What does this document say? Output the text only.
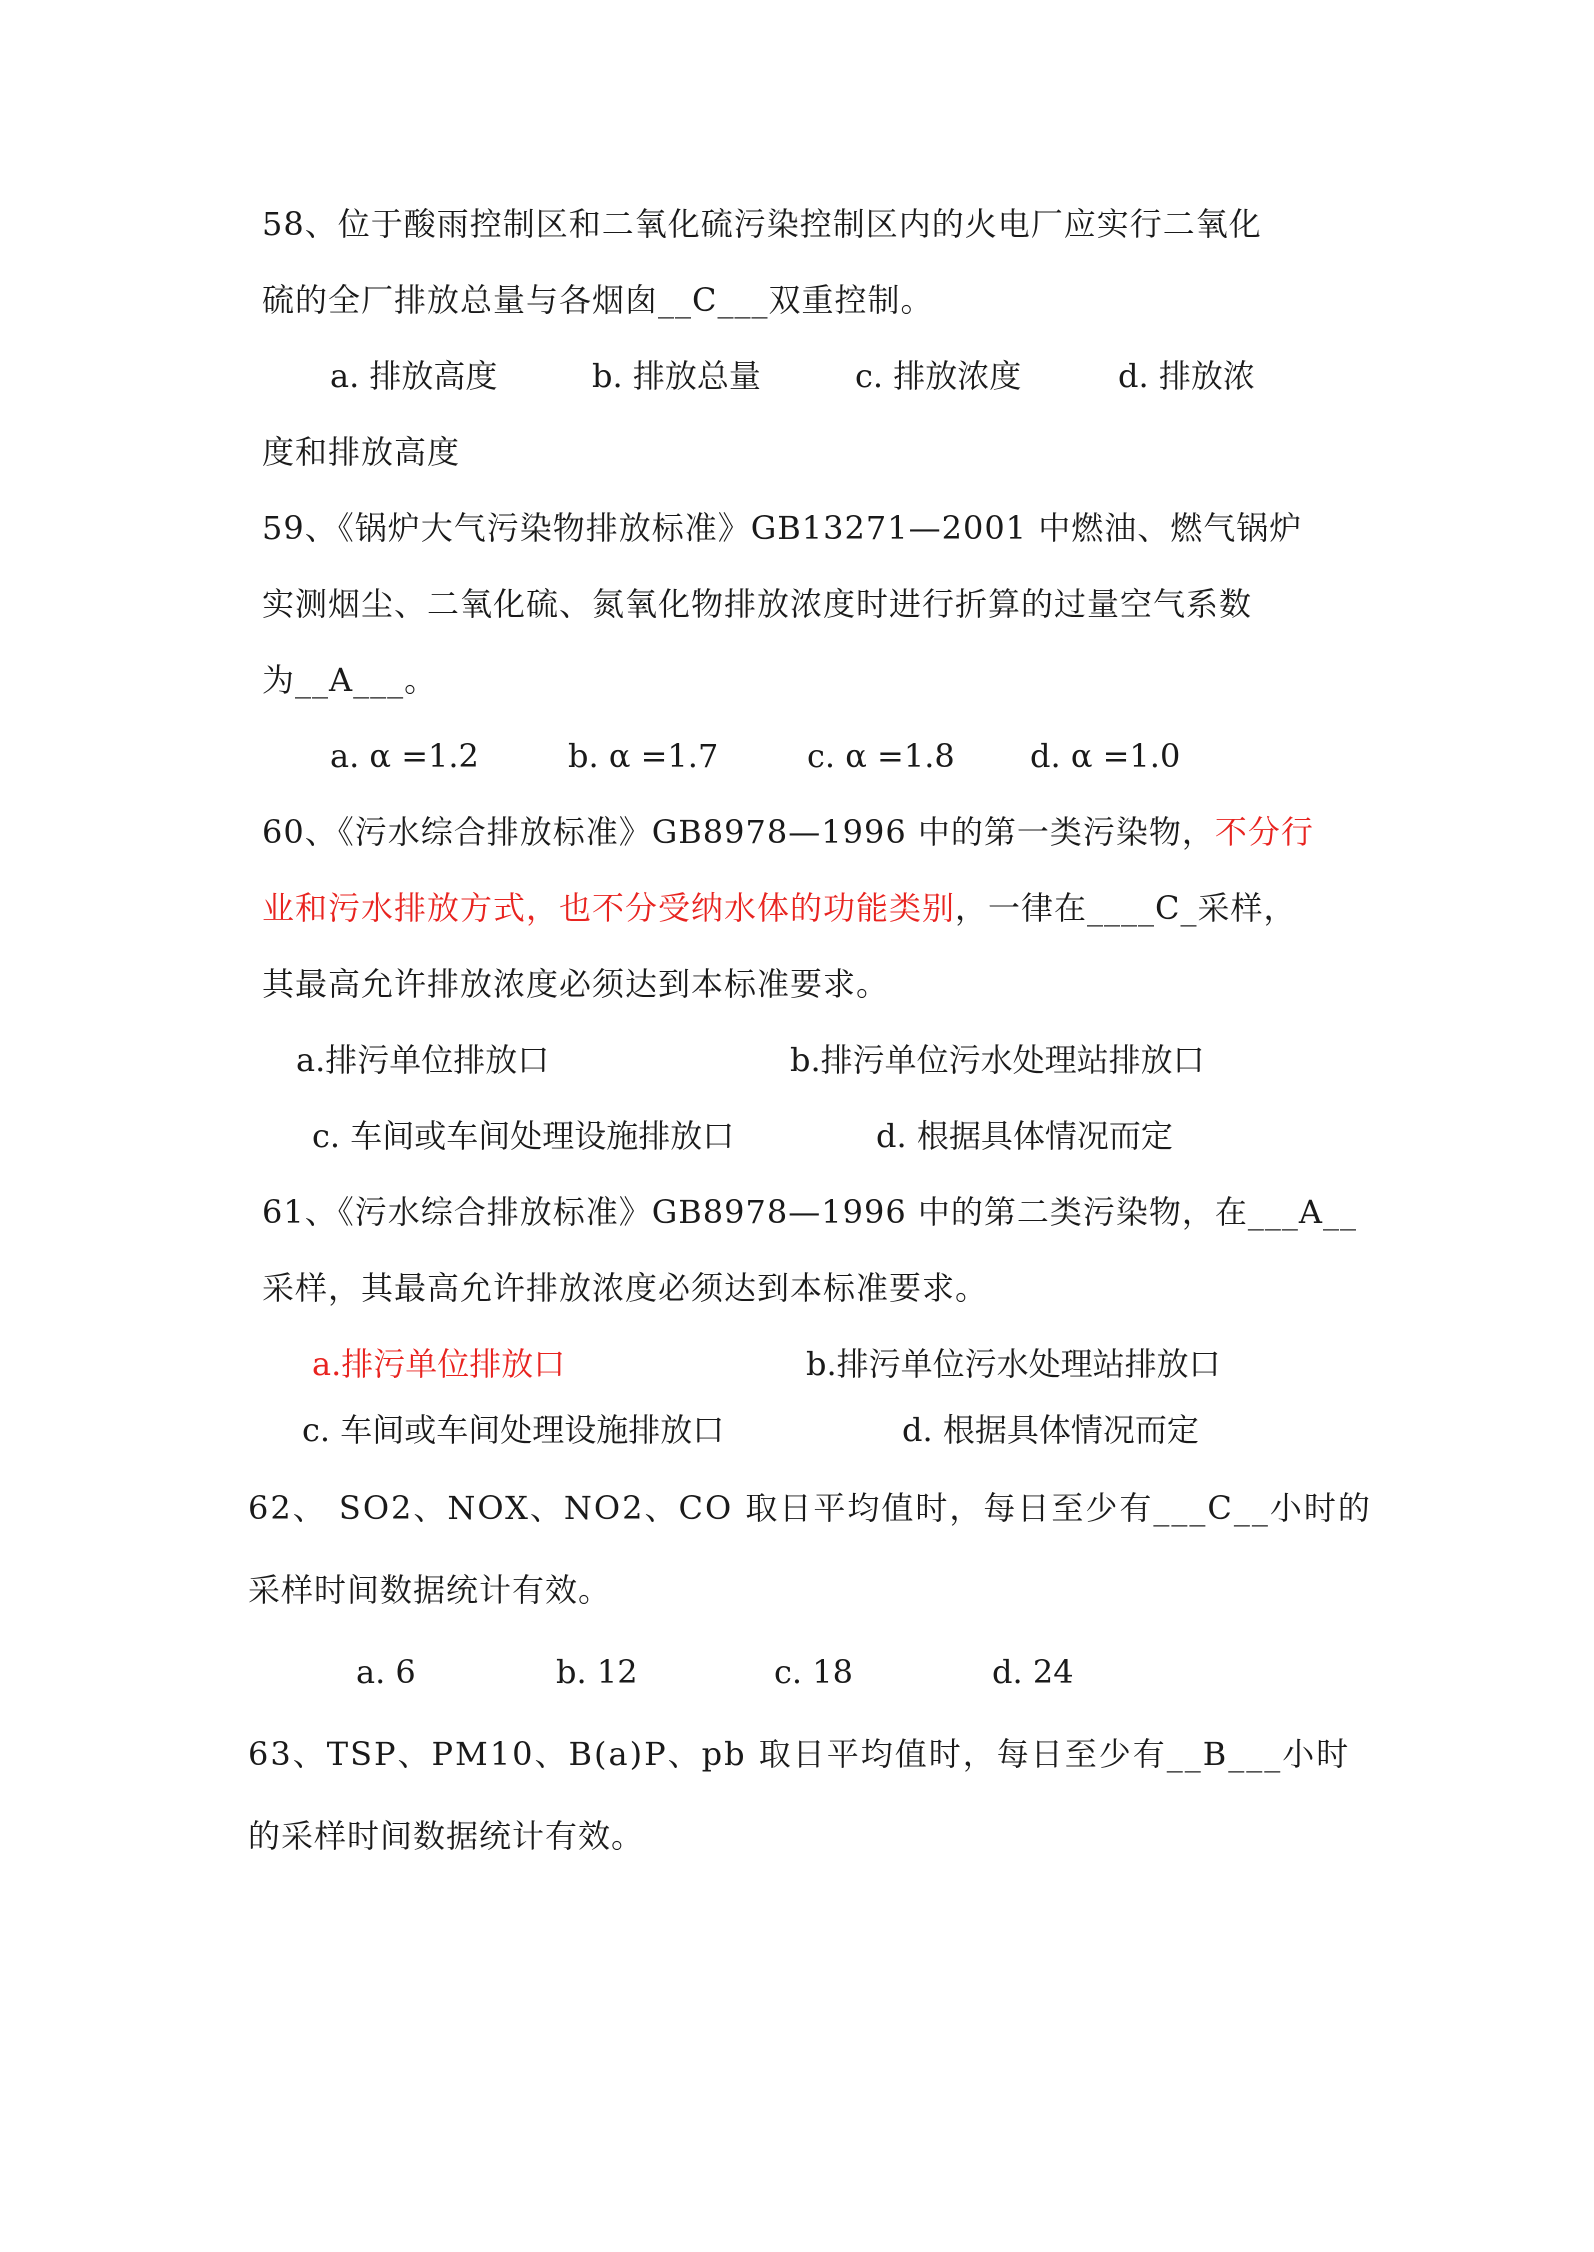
58、位于酸雨控制区和二氧化硫污染控制区内的火电厂应实行二氧化
硫的全厂排放总量与各烟囱__C___双重控制。
a. 排放高度	b. 排放总量	c. 排放浓度	d. 排放浓
度和排放高度
59、《锅炉大气污染物排放标准》GB13271—2001 中燃油、燃气锅炉
实测烟尘、二氧化硫、氮氧化物排放浓度时进行折算的过量空气系数
为__A___。
a. α =1.2	b. α =1.7	c. α =1.8 d. α =1.0
60、《污水综合排放标准》GB8978—1996 中的第一类污染物，不分行
业和污水排放方式，也不分受纳水体的功能类别，一律在____C_采样，
其最高允许排放浓度必须达到本标准要求。
a.排污单位排放口	b.排污单位污水处理站排放口
c. 车间或车间处理设施排放口	d. 根据具体情况而定
61、《污水综合排放标准》GB8978—1996 中的第二类污染物，在___A__
采样，其最高允许排放浓度必须达到本标准要求。
a.排污单位排放口	b.排污单位污水处理站排放口
c. 车间或车间处理设施排放口	d. 根据具体情况而定
62、 SO2、NOX、NO2、CO 取日平均值时，每日至少有___C__小时的
采样时间数据统计有效。
a. 6	b. 12	c. 18	d. 24
63、TSP、PM10、B(a)P、pb 取日平均值时，每日至少有__B___小时
的采样时间数据统计有效。
